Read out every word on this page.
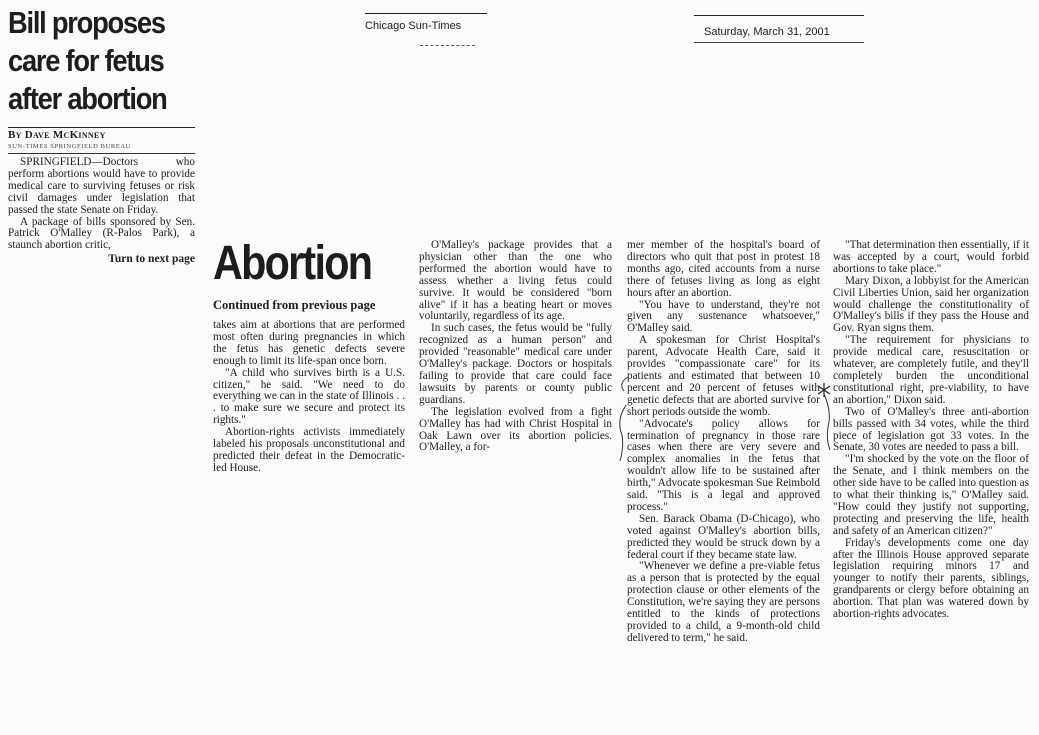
Bill proposes
care for fetus
after abortion
By Dave McKinney
SUN-TIMES SPRINGFIELD BUREAU
Chicago Sun-Times	Saturday, March 31, 2001

SPRINGFIELD—Doctors who perform abortions would have to provide medical care to surviving fetuses or risk civil damages under legislation that passed the state Senate on Friday.

A package of bills sponsored by Sen. Patrick O'Malley (R-Palos Park), a staunch abortion critic,

Turn to next page Abortion
Continued from previous page

takes aim at abortions that are performed most often during pregnancies in which the fetus has genetic defects severe enough to limit its life-span once born.

"A child who survives birth is a U.S. citizen," he said. "We need to do everything we can in the state of Illinois . . . to make sure we secure and protect its rights."

Abortion-rights activists immediately labeled his proposals unconstitutional and predicted their defeat in the Democratic-led House.

O'Malley's package provides that a physician other than the one who performed the abortion would have to assess whether a living fetus could survive. It would be considered "born alive" if it has a beating heart or moves voluntarily, regardless of its age.

In such cases, the fetus would be "fully recognized as a human person" and provided "reasonable" medical care under O'Malley's package. Doctors or hospitals failing to provide that care could face lawsuits by parents or county public guardians.

The legislation evolved from a fight O'Malley has had with Christ Hospital in Oak Lawn over its abortion policies. O'Malley, a for-

mer member of the hospital's board of directors who quit that post in protest 18 months ago, cited accounts from a nurse there of fetuses living as long as eight hours after an abortion.

"You have to understand, they're not given any sustenance whatsoever," O'Malley said.

A spokesman for Christ Hospital's parent, Advocate Health Care, said it provides "compassionate care" for its patients and estimated that between 10 percent and 20 percent of fetuses with genetic defects that are aborted survive for short periods outside the womb.

"Advocate's policy allows for termination of pregnancy in those rare cases when there are very severe and complex anomalies in the fetus that wouldn't allow life to be sustained after birth," Advocate spokesman Sue Reimbold said. "This is a legal and approved process."

Sen. Barack Obama (D-Chicago), who voted against O'Malley's abortion bills, predicted they would be struck down by a federal court if they became state law.

"Whenever we define a pre-viable fetus as a person that is protected by the equal protection clause or other elements of the Constitution, we're saying they are persons entitled to the kinds of protections provided to a child, a 9-month-old child delivered to term," he said.

"That determination then essentially, if it was accepted by a court, would forbid abortions to take place."

Mary Dixon, a lobbyist for the American Civil Liberties Union, said her organization would challenge the constitutionality of O'Malley's bills if they pass the House and Gov. Ryan signs them.

"The requirement for physicians to provide medical care, resuscitation or whatever, are completely futile, and they'll completely burden the unconditional constitutional right, pre-viability, to have an abortion," Dixon said.

Two of O'Malley's three anti-abortion bills passed with 34 votes, while the third piece of legislation got 33 votes. In the Senate, 30 votes are needed to pass a bill.

"I'm shocked by the vote on the floor of the Senate, and I think members on the other side have to be called into question as to what their thinking is," O'Malley said. "How could they justify not supporting, protecting and preserving the life, health and safety of an American citizen?"

Friday's developments come one day after the Illinois House approved separate legislation requiring minors 17 and younger to notify their parents, siblings, grandparents or clergy before obtaining an abortion. That plan was watered down by abortion-rights advocates.
